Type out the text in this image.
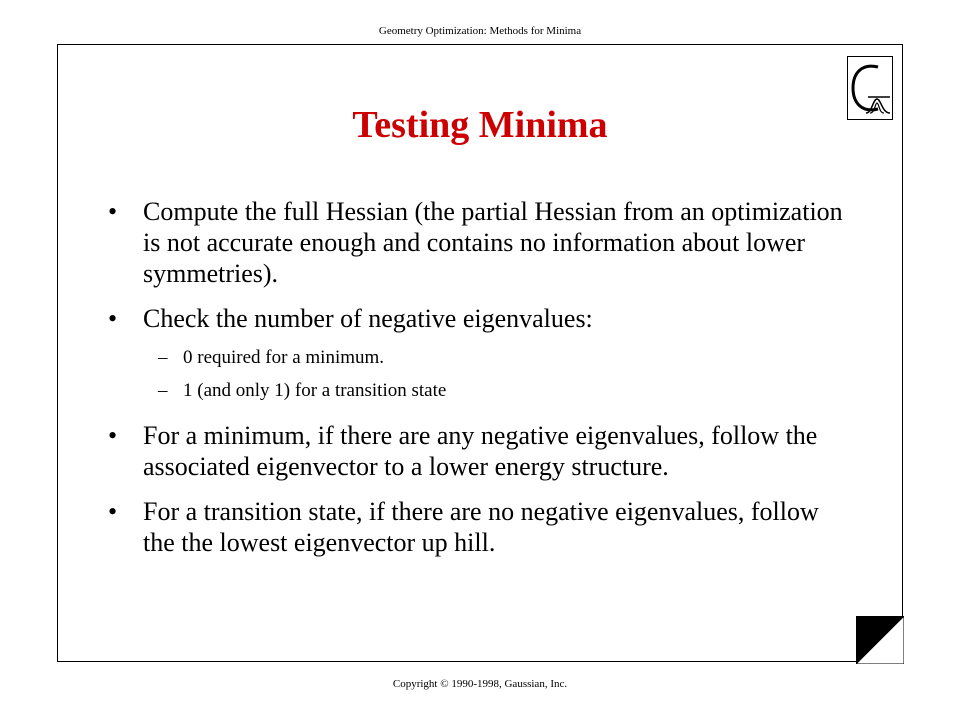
Geometry Optimization: Methods for Minima
Testing Minima
• Compute the full Hessian (the partial Hessian from an optimization is not accurate enough and contains no information about lower symmetries).
• Check the number of negative eigenvalues:
– 0 required for a minimum.
– 1 (and only 1) for a transition state
• For a minimum, if there are any negative eigenvalues, follow the associated eigenvector to a lower energy structure.
• For a transition state, if there are no negative eigenvalues, follow the the lowest eigenvector up hill.
Copyright © 1990-1998, Gaussian, Inc.
